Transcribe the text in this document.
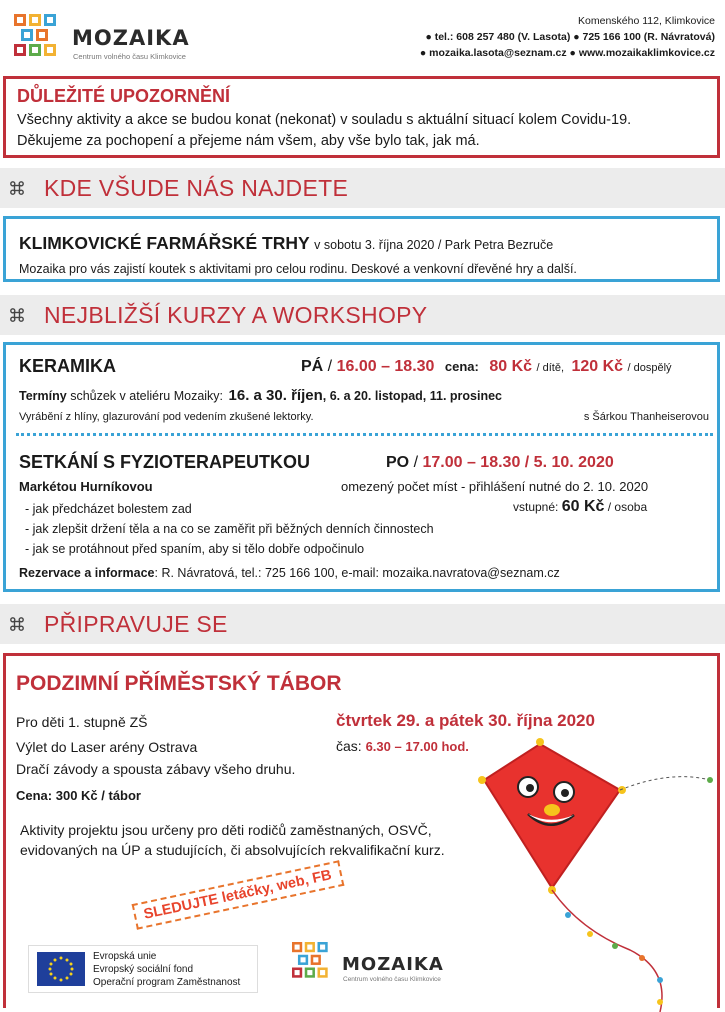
MOZAIKA
Centrum volného času Klimkovice
Komenského 112, Klimkovice
● tel.: 608 257 480 (V. Lasota) ● 725 166 100 (R. Návratová)
● mozaika.lasota@seznam.cz ● www.mozaikaklimkovice.cz
DŮLEŽITÉ UPOZORNĚNÍ
Všechny aktivity a akce se budou konat (nekonat) v souladu s aktuální situací kolem Covidu-19.
Děkujeme za pochopení a přejeme nám všem, aby vše bylo tak, jak má.
KDE VŠUDE NÁS NAJDETE
KLIMKOVICKÉ FARMÁŘSKÉ TRHY v sobotu 3. října 2020 / Park Petra Bezruče
Mozaika pro vás zajistí koutek s aktivitami pro celou rodinu. Deskové a venkovní dřevěné hry a další.
NEJBLIŽŠÍ KURZY A WORKSHOPY
KERAMIKA	PÁ / 16.00 – 18.30 cena: 80 Kč / dítě, 120 Kč / dospělý
Termíny schůzek v ateliéru Mozaiky: 16. a 30. říjen, 6. a 20. listopad, 11. prosinec
Vyrábění z hlíny, glazurování pod vedením zkušené lektorky.	s Šárkou Thanheiserovou
SETKÁNÍ S FYZIOTERAPEUTKOU	PO / 17.00 – 18.30 / 5. 10. 2020
Markétou Hurníkovou	omezený počet míst - přihlášení nutné do 2. 10. 2020
- jak předcházet bolestem zad	vstupné: 60 Kč / osoba
- jak zlepšit držení těla a na co se zaměřit při běžných denních činnostech
- jak se protáhnout před spaním, aby si tělo dobře odpočinulo
Rezervace a informace: R. Návratová, tel.: 725 166 100, e-mail: mozaika.navratova@seznam.cz
PŘIPRAVUJE SE
PODZIMNÍ PŘÍMĚSTSKÝ TÁBOR
Pro děti 1. stupně ZŠ
Výlet do Laser arény Ostrava
Dračí závody a spousta zábavy všeho druhu.
Cena: 300 Kč / tábor
čtvrtek 29. a pátek 30. října 2020
čas: 6.30 – 17.00 hod.
Aktivity projektu jsou určeny pro děti rodičů zaměstnaných, OSVČ,
evidovaných na ÚP a studujících, či absolvujících rekvalifikační kurz.
SLEDUJTE letáčky, web, FB
Evropská unie
Evropský sociální fond
Operační program Zaměstnanost
MOZAIKA
Centrum volného času Klimkovice
